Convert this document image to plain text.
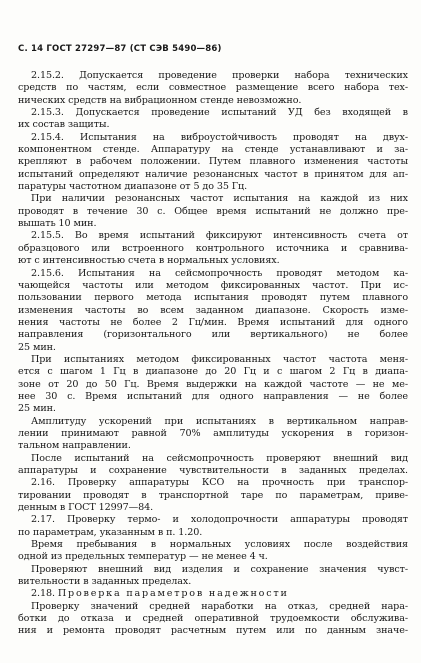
С. 14 ГОСТ 27297—87 (СТ СЭВ 5490—86)
2.15.2. Допускается проведение проверки набора технических
средств по частям, если совместное размещение всего набора тех-
нических средств на вибрационном стенде невозможно.
2.15.3. Допускается проведение испытаний УД без входящей в
их состав защиты.
2.15.4. Испытания на виброустойчивость проводят на двух-
компонентном стенде. Аппаратуру на стенде устанавливают и за-
крепляют в рабочем положении. Путем плавного изменения частоты
испытаний определяют наличие резонансных частот в принятом для ап-
паратуры частотном диапазоне от 5 до 35 Гц.
При наличии резонансных частот испытания на каждой из них
проводят в течение 30 с. Общее время испытаний не должно пре-
вышать 10 мин.
2.15.5. Во время испытаний фиксируют интенсивность счета от
образцового или встроенного контрольного источника и сравнива-
ют с интенсивностью счета в нормальных условиях.
2.15.6. Испытания на сейсмопрочность проводят методом ка-
чающейся частоты или методом фиксированных частот. При ис-
пользовании первого метода испытания проводят путем плавного
изменения частоты во всем заданном диапазоне. Скорость изме-
нения частоты не более 2 Гц/мин. Время испытаний для одного
направления (горизонтального или вертикального) не более
25 мин.
При испытаниях методом фиксированных частот частота меня-
ется с шагом 1 Гц в диапазоне до 20 Гц и с шагом 2 Гц в диапа-
зоне от 20 до 50 Гц. Время выдержки на каждой частоте — не ме-
нее 30 с. Время испытаний для одного направления — не более
25 мин.
Амплитуду ускорений при испытаниях в вертикальном направ-
лении принимают равной 70% амплитуды ускорения в горизон-
тальном направлении.
После испытаний на сейсмопрочность проверяют внешний вид
аппаратуры и сохранение чувствительности в заданных пределах.
2.16. Проверку аппаратуры КСО на прочность при транспор-
тировании проводят в транспортной таре по параметрам, приве-
денным в ГОСТ 12997—84.
2.17. Проверку термо- и холодопрочности аппаратуры проводят
по параметрам, указанным в п. 1.20.
Время пребывания в нормальных условиях после воздействия
одной из предельных температур — не менее 4 ч.
Проверяют внешний вид изделия и сохранение значения чувст-
вительности в заданных пределах.
2.18. Проверка параметров надежности
Проверку значений средней наработки на отказ, средней нара-
ботки до отказа и средней оперативной трудоемкости обслужива-
ния и ремонта проводят расчетным путем или по данным значе-
